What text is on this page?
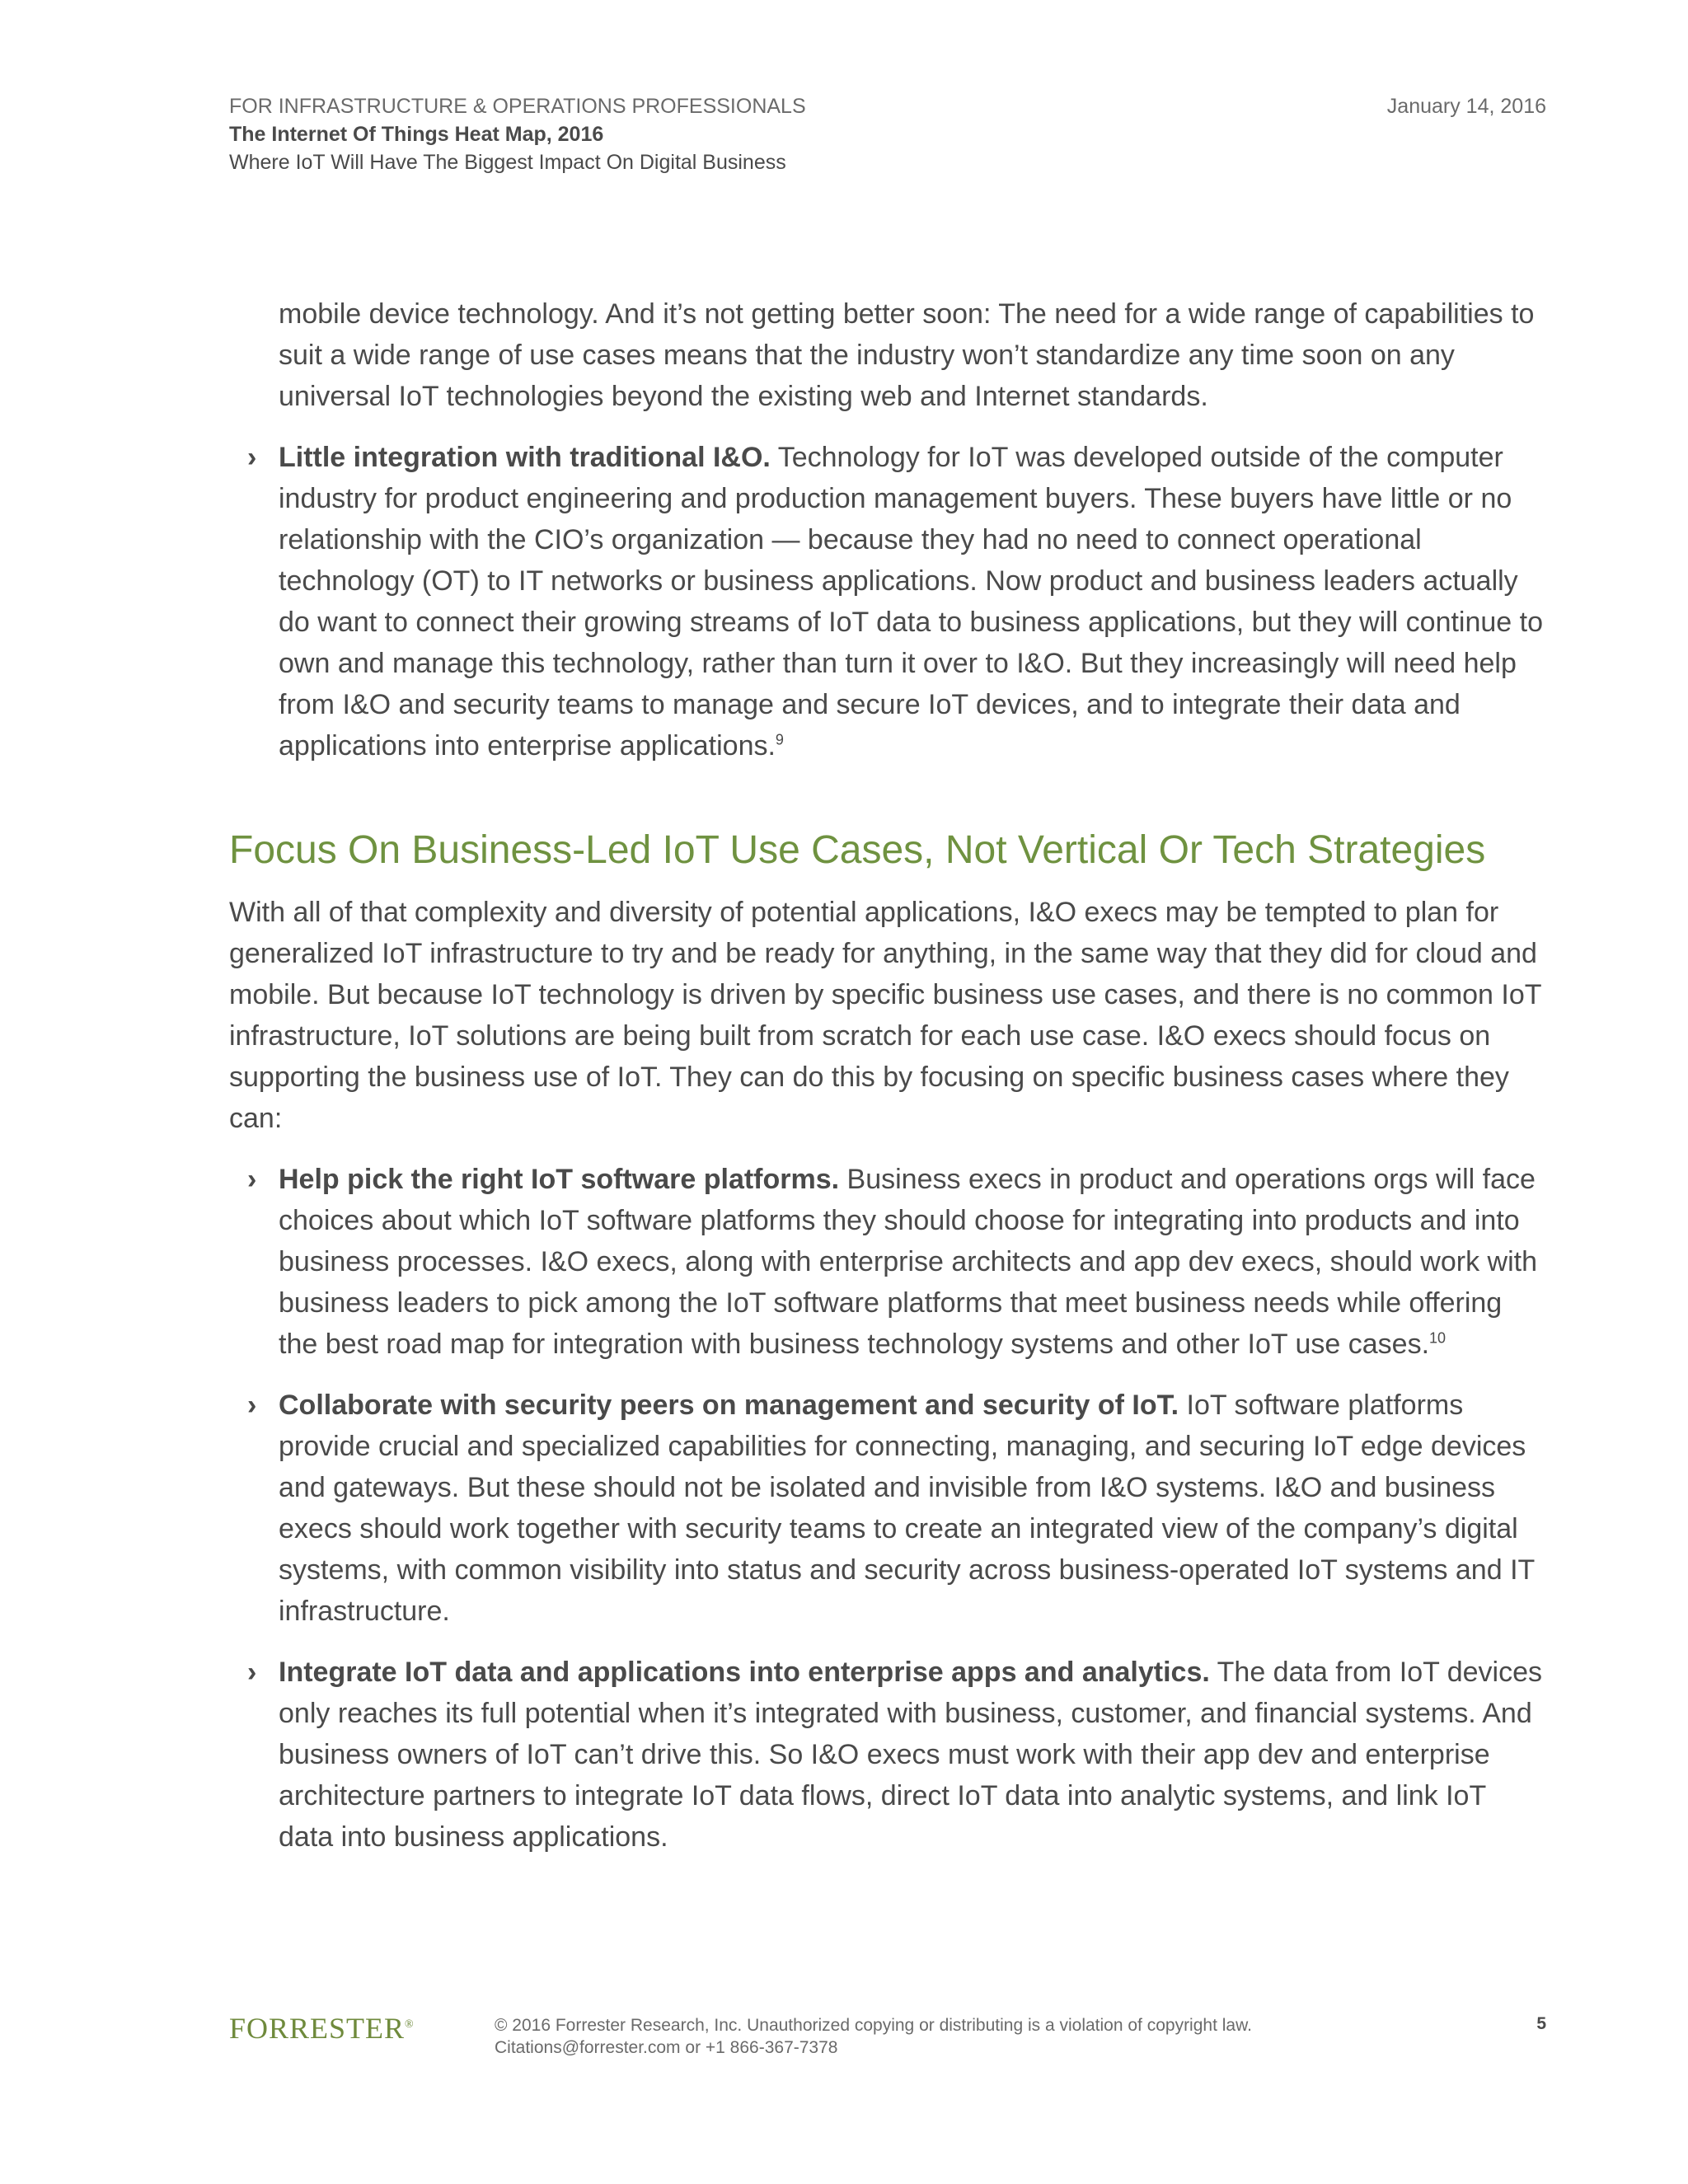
FOR INFRASTRUCTURE & OPERATIONS PROFESSIONALS
The Internet Of Things Heat Map, 2016
Where IoT Will Have The Biggest Impact On Digital Business
January 14, 2016

mobile device technology. And it’s not getting better soon: The need for a wide range of capabilities to suit a wide range of use cases means that the industry won’t standardize any time soon on any universal IoT technologies beyond the existing web and Internet standards.

› Little integration with traditional I&O. Technology for IoT was developed outside of the computer industry for product engineering and production management buyers. These buyers have little or no relationship with the CIO’s organization — because they had no need to connect operational technology (OT) to IT networks or business applications. Now product and business leaders actually do want to connect their growing streams of IoT data to business applications, but they will continue to own and manage this technology, rather than turn it over to I&O. But they increasingly will need help from I&O and security teams to manage and secure IoT devices, and to integrate their data and applications into enterprise applications.$^9$
Focus On Business-Led IoT Use Cases, Not Vertical Or Tech Strategies

With all of that complexity and diversity of potential applications, I&O execs may be tempted to plan for generalized IoT infrastructure to try and be ready for anything, in the same way that they did for cloud and mobile. But because IoT technology is driven by specific business use cases, and there is no common IoT infrastructure, IoT solutions are being built from scratch for each use case. I&O execs should focus on supporting the business use of IoT. They can do this by focusing on specific business cases where they can:

› Help pick the right IoT software platforms. Business execs in product and operations orgs will face choices about which IoT software platforms they should choose for integrating into products and into business processes. I&O execs, along with enterprise architects and app dev execs, should work with business leaders to pick among the IoT software platforms that meet business needs while offering the best road map for integration with business technology systems and other IoT use cases.$^{10}$
› Collaborate with security peers on management and security of IoT. IoT software platforms provide crucial and specialized capabilities for connecting, managing, and securing IoT edge devices and gateways. But these should not be isolated and invisible from I&O systems. I&O and business execs should work together with security teams to create an integrated view of the company’s digital systems, with common visibility into status and security across business-operated IoT systems and IT infrastructure.
› Integrate IoT data and applications into enterprise apps and analytics. The data from IoT devices only reaches its full potential when it’s integrated with business, customer, and financial systems. And business owners of IoT can’t drive this. So I&O execs must work with their app dev and enterprise architecture partners to integrate IoT data flows, direct IoT data into analytic systems, and link IoT data into business applications.
FORRESTER®	© 2016 Forrester Research, Inc. Unauthorized copying or distributing is a violation of copyright law.
Citations@forrester.com or +1 866-367-7378
5
